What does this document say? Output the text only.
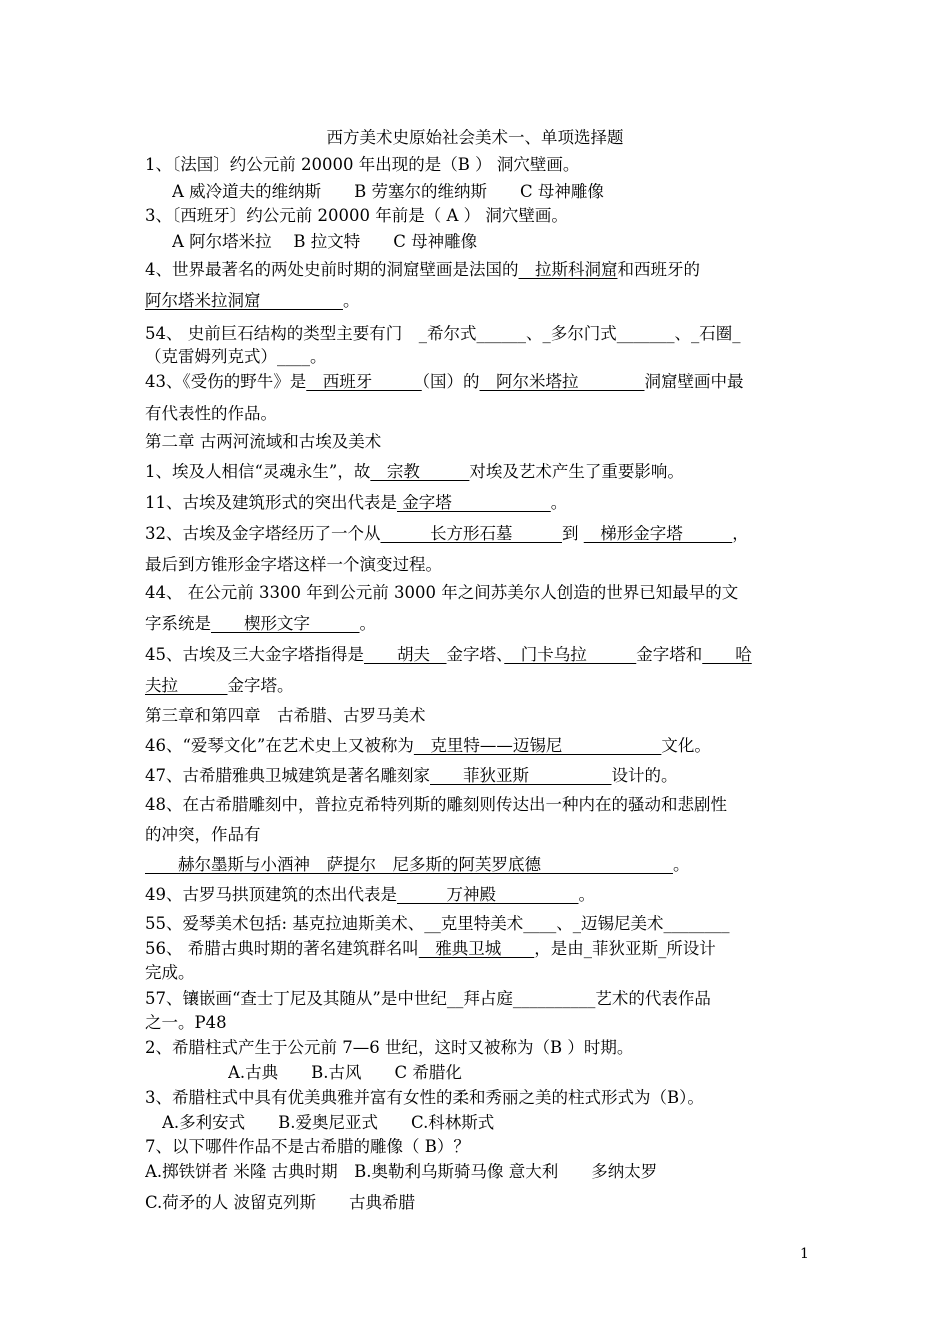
西方美术史原始社会美术一、单项选择题
1、〔法国〕约公元前 20000 年出现的是（B ） 洞穴壁画。
A 威冷道夫的维纳斯　　B 劳塞尔的维纳斯　　C 母神雕像
3、〔西班牙〕约公元前 20000 年前是（ A ） 洞穴壁画。
A 阿尔塔米拉　 B 拉文特　　C 母神雕像
4、世界最著名的两处史前时期的洞窟壁画是法国的　拉斯科洞窟和西班牙的
阿尔塔米拉洞窟　　　　　。
54、 史前巨石结构的类型主要有门　_希尔式______、_多尔门式_______、_石圈_
（克雷姆列克式）____。
43、《受伤的野牛》是　西班牙　　　（国）的　阿尔米塔拉　　　　洞窟壁画中最
有代表性的作品。
第二章 古两河流域和古埃及美术
1、埃及人相信“灵魂永生”，故　宗教　　　对埃及艺术产生了重要影响。
11、古埃及建筑形式的突出代表是 金字塔　　　　　　。
32、古埃及金字塔经历了一个从　　　长方形石墓　　　到 　梯形金字塔　　　，
最后到方锥形金字塔这样一个演变过程。
44、 在公元前 3300 年到公元前 3000 年之间苏美尔人创造的世界已知最早的文
字系统是　　楔形文字　　　。
45、古埃及三大金字塔指得是　　胡夫　金字塔、　门卡乌拉　　　金字塔和　　哈
夫拉　　　金字塔。
第三章和第四章　古希腊、古罗马美术
46、“爱琴文化”在艺术史上又被称为　克里特——迈锡尼　　　　　　文化。
47、古希腊雅典卫城建筑是著名雕刻家　　菲狄亚斯　　　　　设计的。
48、在古希腊雕刻中，普拉克希特列斯的雕刻则传达出一种内在的骚动和悲剧性
的冲突，作品有
　　赫尔墨斯与小酒神　萨提尔　尼多斯的阿芙罗底德　　　　　　　　。
49、古罗马拱顶建筑的杰出代表是　　　万神殿　　　　　。
55、爱琴美术包括: 基克拉迪斯美术、__克里特美术____、_迈锡尼美术________
56、 希腊古典时期的著名建筑群名叫　雅典卫城　　，是由_菲狄亚斯_所设计
完成。
57、镶嵌画“查士丁尼及其随从”是中世纪__拜占庭__________艺术的代表作品
之一。P48
2、希腊柱式产生于公元前 7—6 世纪，这时又被称为（B ）时期。
A.古典　　B.古风　　C 希腊化
3、希腊柱式中具有优美典雅并富有女性的柔和秀丽之美的柱式形式为（B）。
A.多利安式　　B.爱奥尼亚式　　C.科林斯式
7、以下哪件作品不是古希腊的雕像（ B）？
A.掷铁饼者 米隆 古典时期　B.奥勒利乌斯骑马像 意大利　　多纳太罗
C.荷矛的人 波留克列斯　　古典希腊
1
